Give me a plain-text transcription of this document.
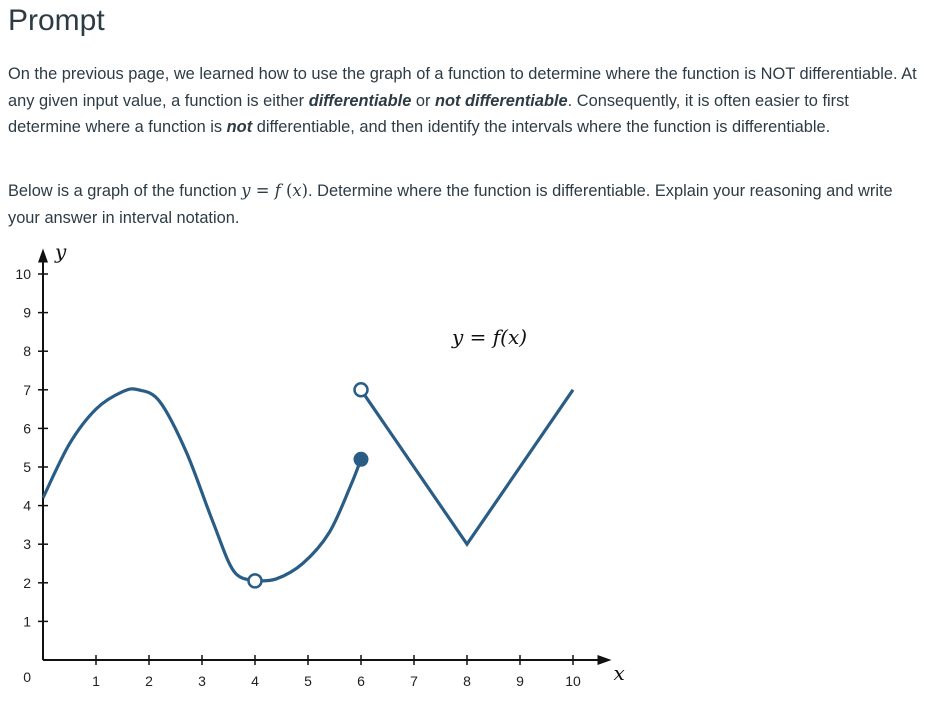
Prompt

On the previous page, we learned how to use the graph of a function to determine where the function is NOT differentiable. At any given input value, a function is either differentiable or not differentiable. Consequently, it is often easier to first determine where a function is not differentiable, and then identify the intervals where the function is differentiable.

Below is a graph of the function y = f (x). Determine where the function is differentiable. Explain your reasoning and write your answer in interval notation.

1	2	3	4	5	6	7	8	9	10
1
2
3
4
5
6
7
8
9
10
y = f(x)
x
y
0
